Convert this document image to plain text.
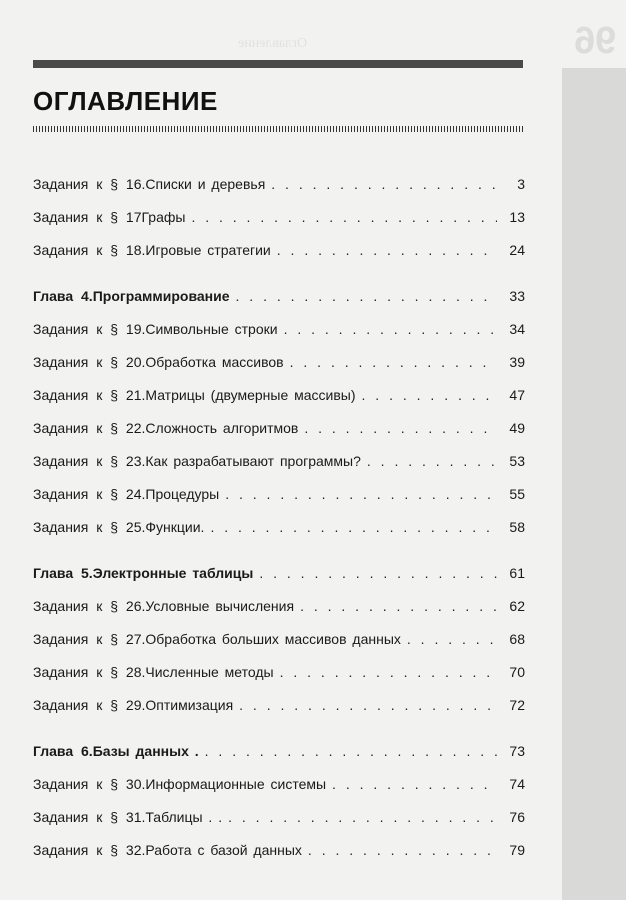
96
Оглавление
ОГЛАВЛЕНИЕ
Задания к § 16. Списки и деревья . . .	3
Задания к § 17 Графы . . .	13
Задания к § 18. Игровые стратегии . . .	24
Глава 4. Программирование . . .	33
Задания к § 19. Символьные строки . . .	34
Задания к § 20. Обработка массивов . . .	39
Задания к § 21. Матрицы (двумерные массивы) . . .	47
Задания к § 22. Сложность алгоритмов . . .	49
Задания к § 23. Как разрабатывают программы? . . .	53
Задания к § 24. Процедуры . . .	55
Задания к § 25. Функции. . . .	58
Глава 5. Электронные таблицы . . .	61
Задания к § 26. Условные вычисления . . .	62
Задания к § 27. Обработка больших массивов данных . . .	68
Задания к § 28. Численные методы . . .	70
Задания к § 29. Оптимизация . . .	72
Глава 6. Базы данных . . . .	73
Задания к § 30. Информационные системы . . .	74
Задания к § 31. Таблицы . . . . .	76
Задания к § 32. Работа с базой данных . . .	79
